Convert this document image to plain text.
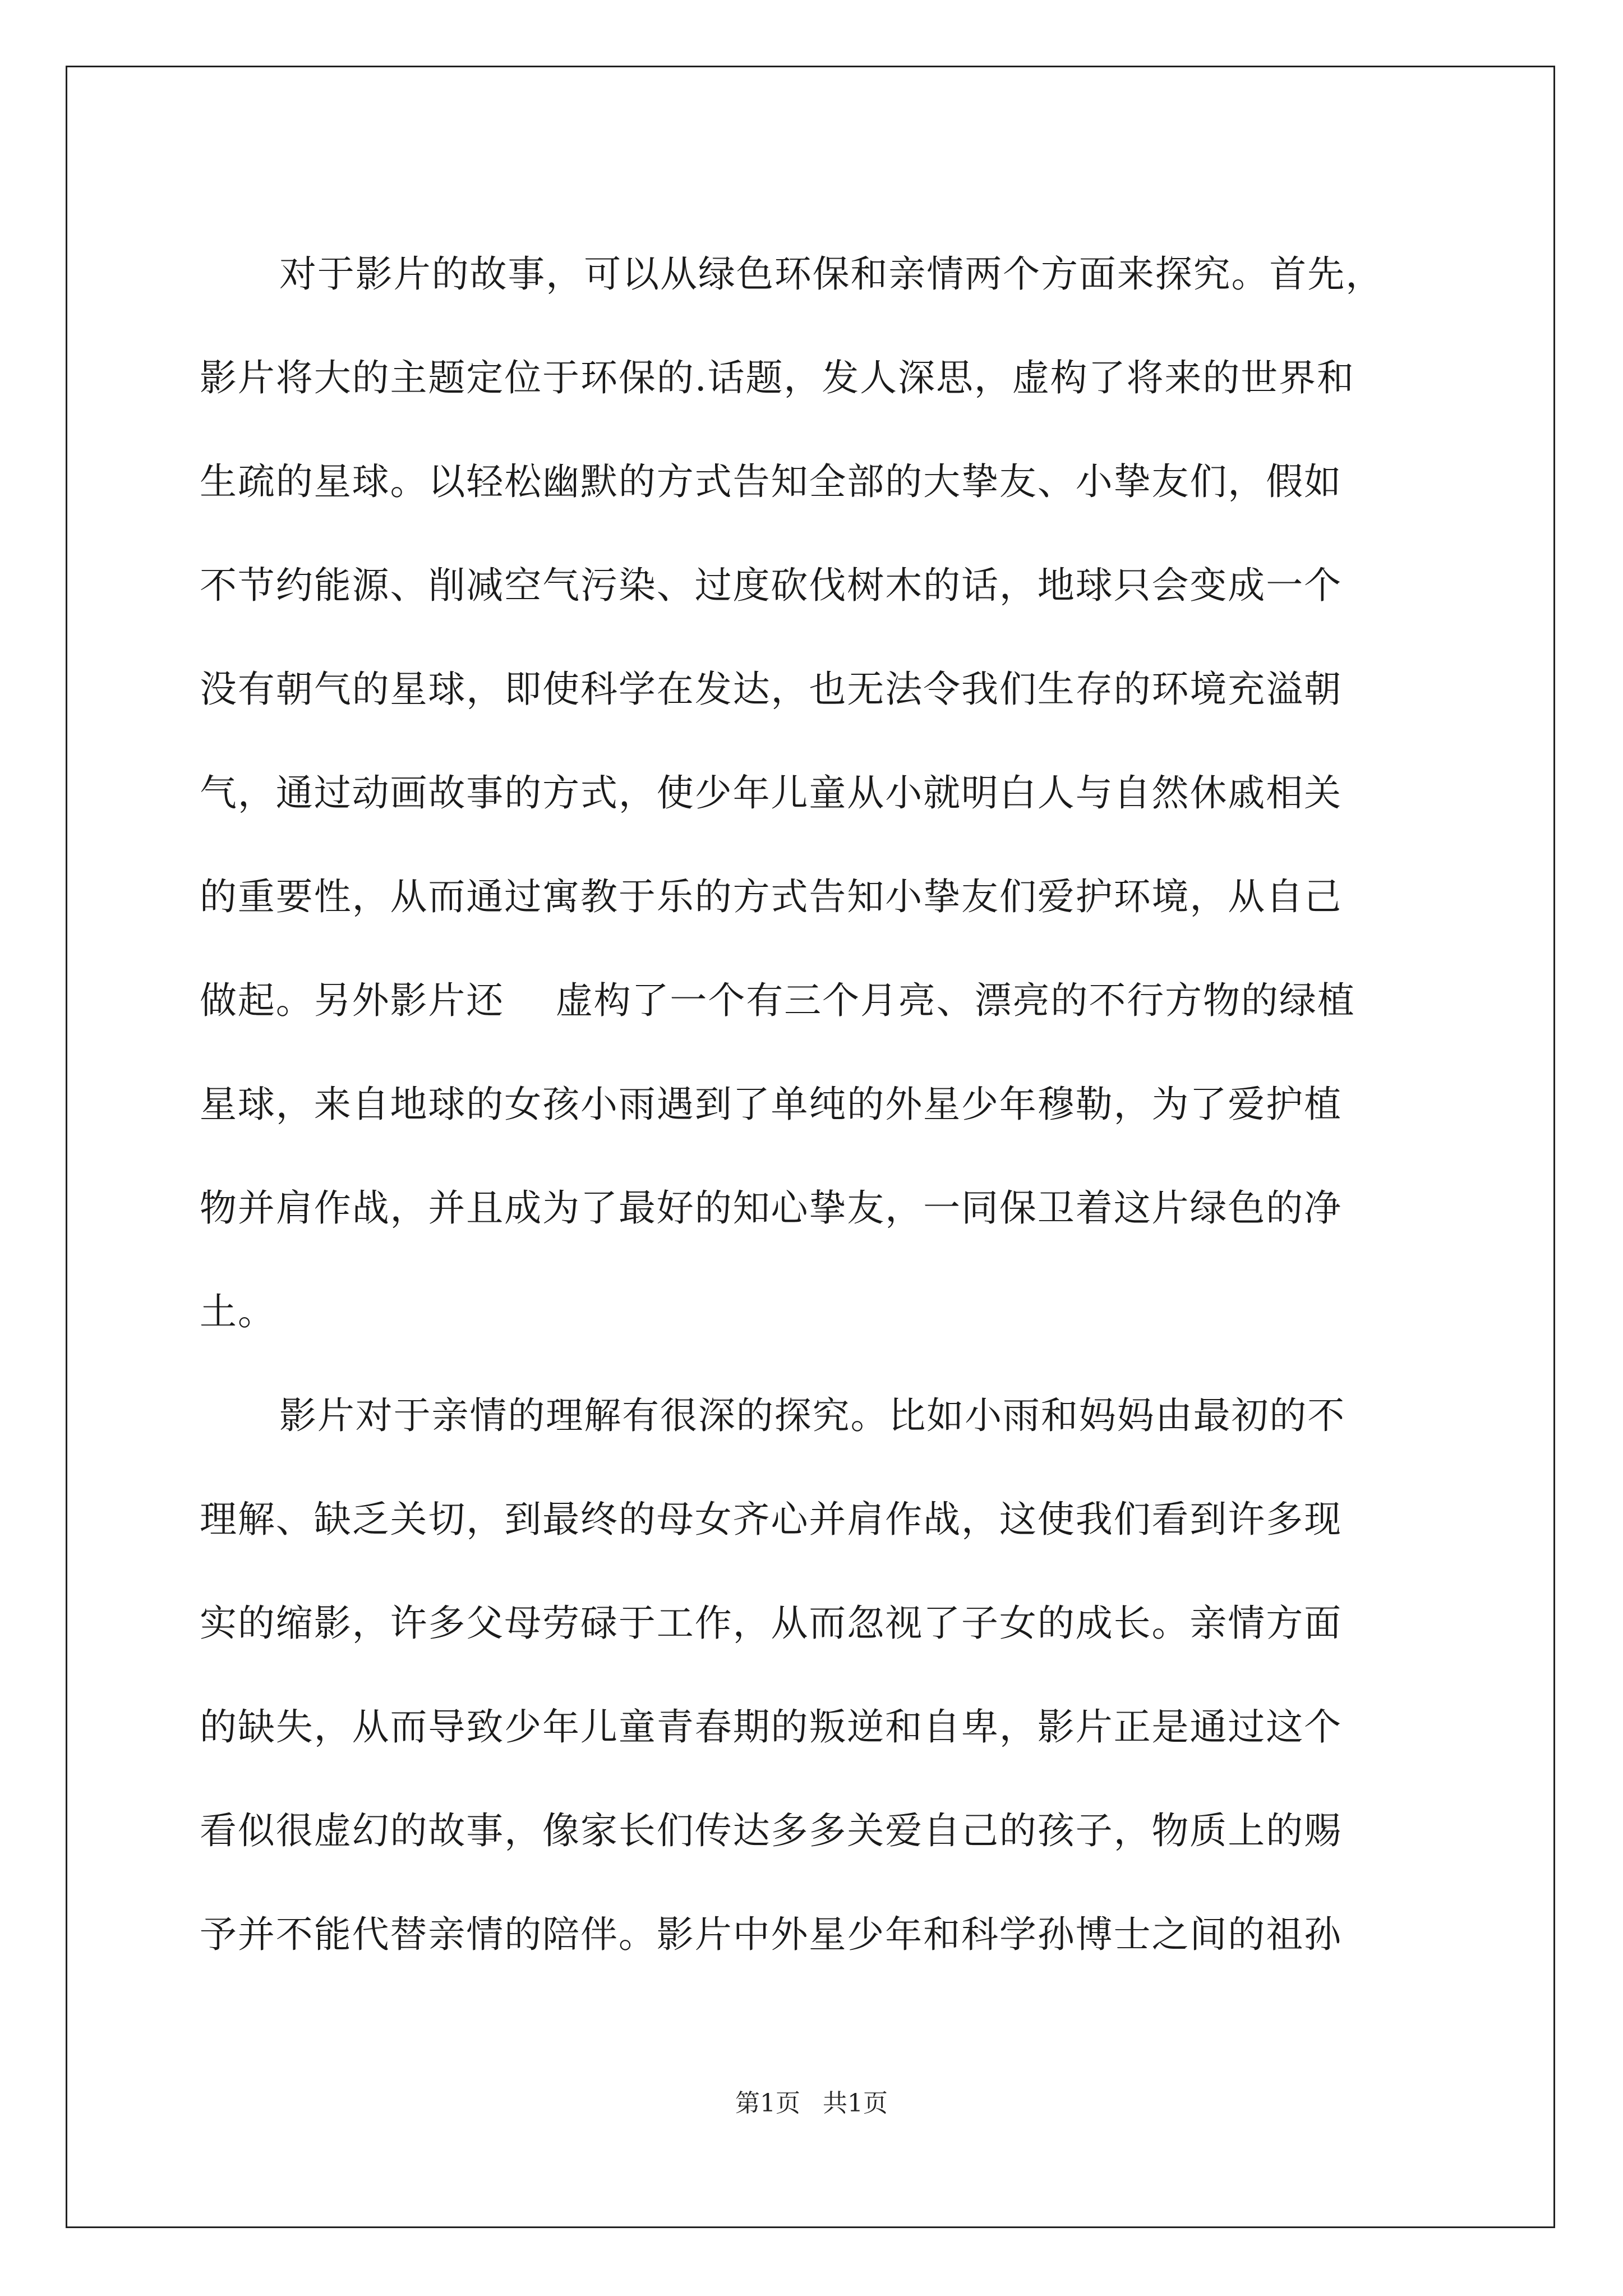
对于影片的故事，可以从绿色环保和亲情两个方面来探究。首先，
影片将大的主题定位于环保的.话题，发人深思，虚构了将来的世界和
生疏的星球。以轻松幽默的方式告知全部的大挚友、小挚友们，假如
不节约能源、削减空气污染、过度砍伐树木的话，地球只会变成一个
没有朝气的星球，即使科学在发达，也无法令我们生存的环境充溢朝
气，通过动画故事的方式，使少年儿童从小就明白人与自然休戚相关
的重要性，从而通过寓教于乐的方式告知小挚友们爱护环境，从自己
做起。另外影片还    虚构了一个有三个月亮、漂亮的不行方物的绿植
星球，来自地球的女孩小雨遇到了单纯的外星少年穆勒，为了爱护植
物并肩作战，并且成为了最好的知心挚友，一同保卫着这片绿色的净
土。
影片对于亲情的理解有很深的探究。比如小雨和妈妈由最初的不
理解、缺乏关切，到最终的母女齐心并肩作战，这使我们看到许多现
实的缩影，许多父母劳碌于工作，从而忽视了子女的成长。亲情方面
的缺失，从而导致少年儿童青春期的叛逆和自卑，影片正是通过这个
看似很虚幻的故事，像家长们传达多多关爱自己的孩子，物质上的赐
予并不能代替亲情的陪伴。影片中外星少年和科学孙博士之间的祖孙
第1页 共1页
